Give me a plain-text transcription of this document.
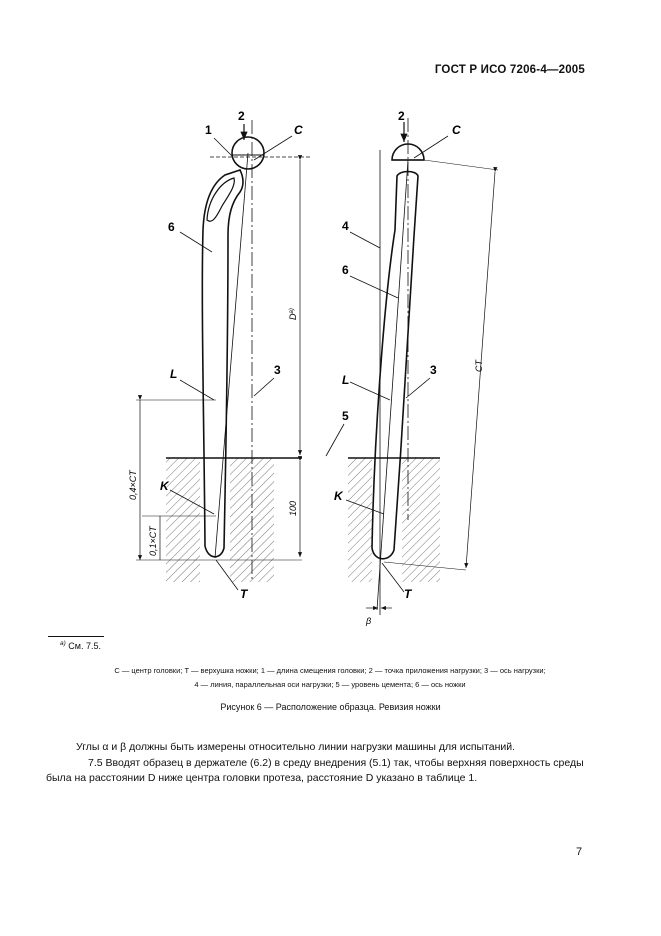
ГОСТ Р ИСО 7206-4—2005
1
2
C
6
L	3
5
K
T
$D^{a)}$
100
0,4×CT
0,1×CT
2
C
4
6
L
3
K
T
CT
β
$^{a)}$ См. 7.5.
C — центр головки; T — верхушка ножки; 1 — длина смещения головки; 2 — точка приложения нагрузки; 3 — ось нагрузки;
4 — линия, параллельная оси нагрузки; 5 — уровень цемента; 6 — ось ножки
Рисунок 6 — Расположение образца. Ревизия ножки
Углы α и β должны быть измерены относительно линии нагрузки машины для испытаний.
7.5 Вводят образец в держателе (6.2) в среду внедрения (5.1) так, чтобы верхняя поверхность среды
была на расстоянии D ниже центра головки протеза, расстояние D указано в таблице 1.
7
